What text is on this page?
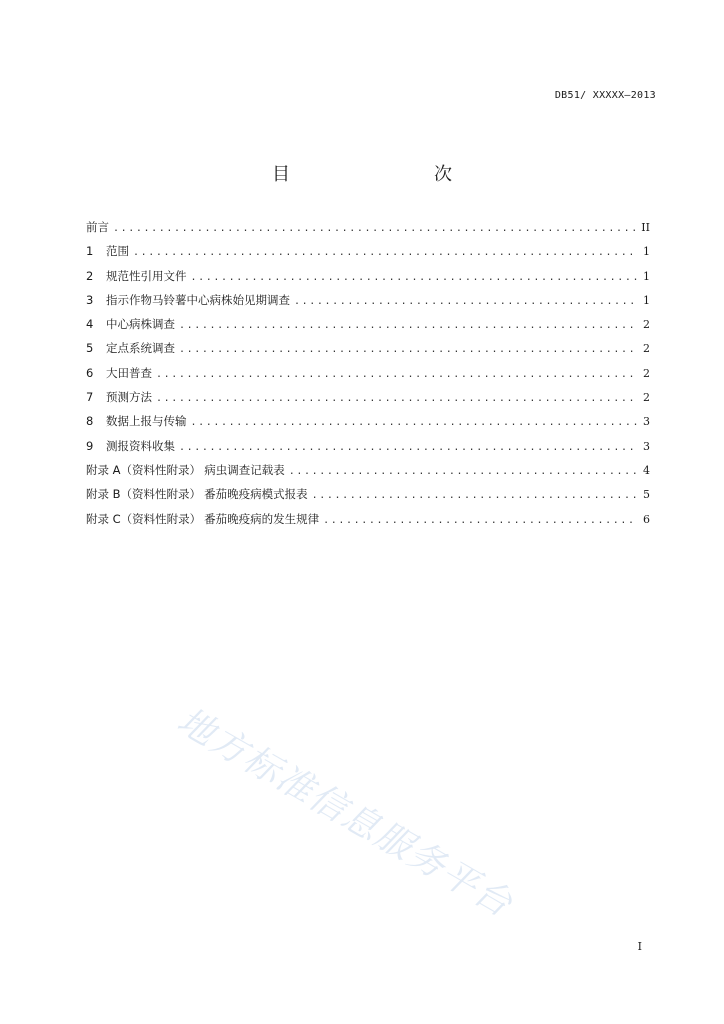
DB51/ XXXXX—2013
目　　次
前言 .....	II
1	范围 .....	1
2	规范性引用文件 .....	1
3	指示作物马铃薯中心病株始见期调查 .....	1
4	中心病株调查 .....	2
5	定点系统调查 .....	2
6	大田普查 .....	2
7	预测方法 .....	2
8	数据上报与传输 .....	3
9	测报资料收集 .....	3
附录 A（资料性附录） 病虫调查记载表 .....	4
附录 B（资料性附录） 番茄晚疫病模式报表 .....	5
附录 C（资料性附录） 番茄晚疫病的发生规律 .....	6
地方标准信息服务平台
I
